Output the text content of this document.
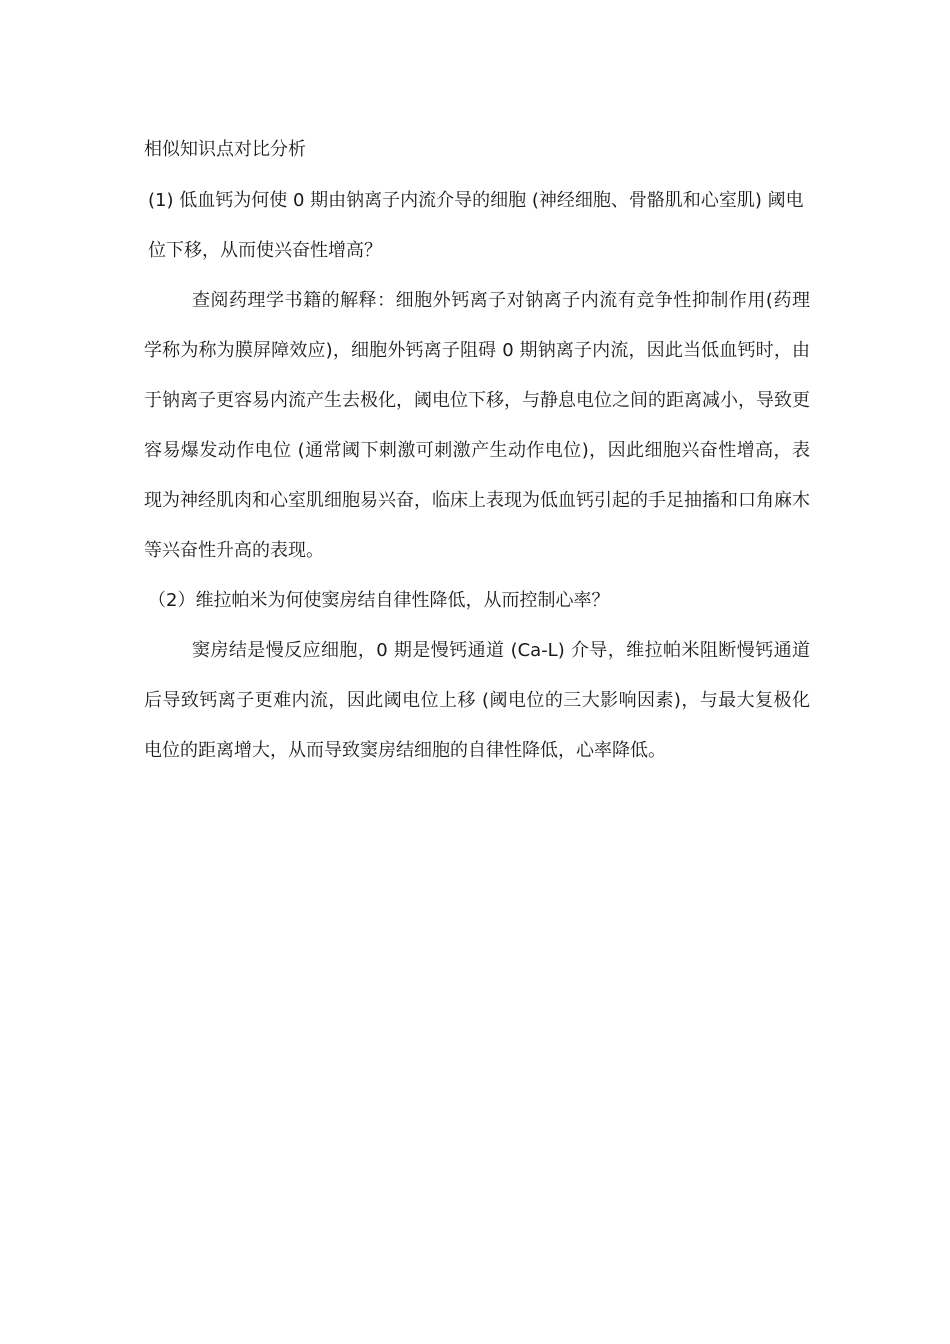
相似知识点对比分析

(1) 低血钙为何使 0 期由钠离子内流介导的细胞 (神经细胞、骨骼肌和心室肌) 阈电位下移，从而使兴奋性增高？

查阅药理学书籍的解释：细胞外钙离子对钠离子内流有竞争性抑制作用(药理学称为称为膜屏障效应)，细胞外钙离子阻碍 0 期钠离子内流，因此当低血钙时，由于钠离子更容易内流产生去极化，阈电位下移，与静息电位之间的距离减小，导致更容易爆发动作电位 (通常阈下刺激可刺激产生动作电位)，因此细胞兴奋性增高，表现为神经肌肉和心室肌细胞易兴奋，临床上表现为低血钙引起的手足抽搐和口角麻木等兴奋性升高的表现。

（2）维拉帕米为何使窦房结自律性降低，从而控制心率？

窦房结是慢反应细胞，0 期是慢钙通道 (Ca-L) 介导，维拉帕米阻断慢钙通道后导致钙离子更难内流，因此阈电位上移 (阈电位的三大影响因素)，与最大复极化电位的距离增大，从而导致窦房结细胞的自律性降低，心率降低。
